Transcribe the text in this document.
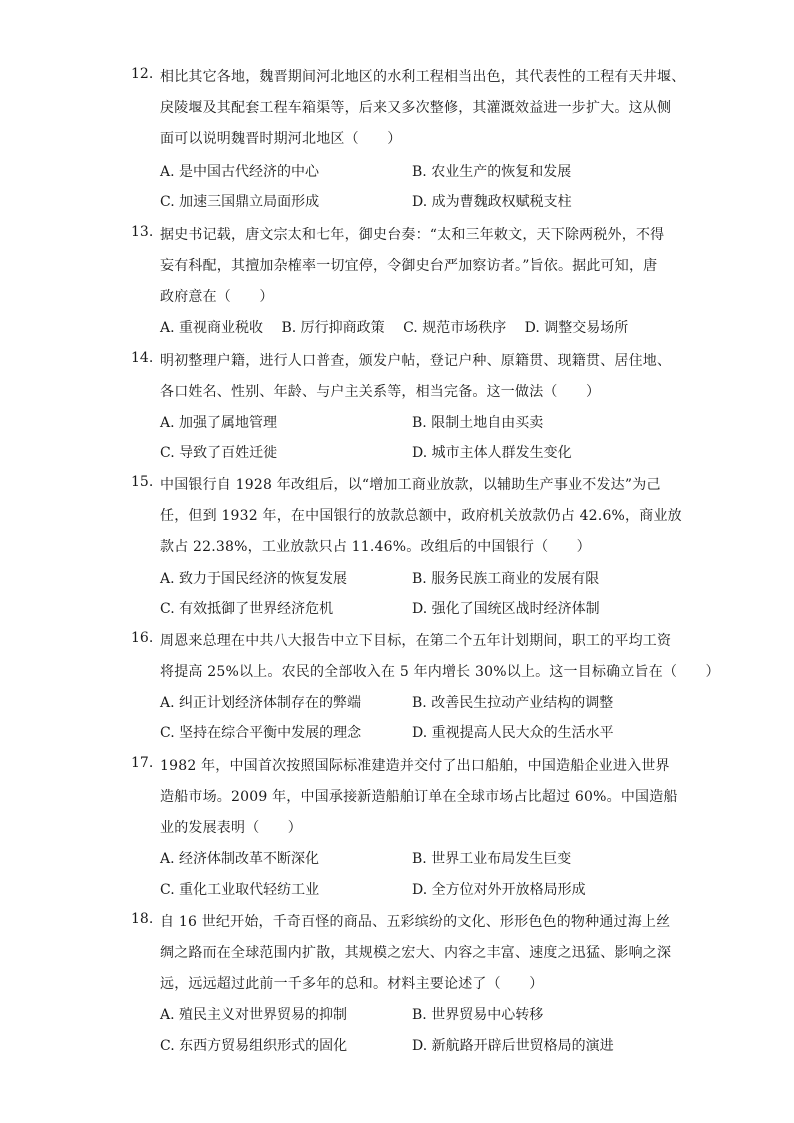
12. 相比其它各地，魏晋期间河北地区的水利工程相当出色，其代表性的工程有天井堰、
戾陵堰及其配套工程车箱渠等，后来又多次整修，其灌溉效益进一步扩大。这从侧
面可以说明魏晋时期河北地区（　　）
A. 是中国古代经济的中心	B. 农业生产的恢复和发展
C. 加速三国鼎立局面形成	D. 成为曹魏政权赋税支柱
13. 据史书记载，唐文宗太和七年，御史台奏：“太和三年敕文，天下除两税外，不得
妄有科配，其擅加杂榷率一切宜停，令御史台严加察访者。”旨依。据此可知，唐
政府意在（　　）
A. 重视商业税收　 B. 厉行抑商政策　 C. 规范市场秩序　 D. 调整交易场所
14. 明初整理户籍，进行人口普查，颁发户帖，登记户种、原籍贯、现籍贯、居住地、
各口姓名、性别、年龄、与户主关系等，相当完备。这一做法（　　）
A. 加强了属地管理	B. 限制土地自由买卖
C. 导致了百姓迁徙	D. 城市主体人群发生变化
15. 中国银行自 1928 年改组后，以“增加工商业放款，以辅助生产事业不发达”为己
任，但到 1932 年，在中国银行的放款总额中，政府机关放款仍占 42.6%，商业放
款占 22.38%，工业放款只占 11.46%。改组后的中国银行（　　）
A. 致力于国民经济的恢复发展	B. 服务民族工商业的发展有限
C. 有效抵御了世界经济危机	D. 强化了国统区战时经济体制
16. 周恩来总理在中共八大报告中立下目标，在第二个五年计划期间，职工的平均工资
将提高 25%以上。农民的全部收入在 5 年内增长 30%以上。这一目标确立旨在（　　）
A. 纠正计划经济体制存在的弊端	B. 改善民生拉动产业结构的调整
C. 坚持在综合平衡中发展的理念	D. 重视提高人民大众的生活水平
17. 1982 年，中国首次按照国际标准建造并交付了出口船舶，中国造船企业进入世界
造船市场。2009 年，中国承接新造船舶订单在全球市场占比超过 60%。中国造船
业的发展表明（　　）
A. 经济体制改革不断深化	B. 世界工业布局发生巨变
C. 重化工业取代轻纺工业	D. 全方位对外开放格局形成
18. 自 16 世纪开始，千奇百怪的商品、五彩缤纷的文化、形形色色的物种通过海上丝
绸之路而在全球范围内扩散，其规模之宏大、内容之丰富、速度之迅猛、影响之深
远，远远超过此前一千多年的总和。材料主要论述了（　　）
A. 殖民主义对世界贸易的抑制	B. 世界贸易中心转移
C. 东西方贸易组织形式的固化	D. 新航路开辟后世贸格局的演进
